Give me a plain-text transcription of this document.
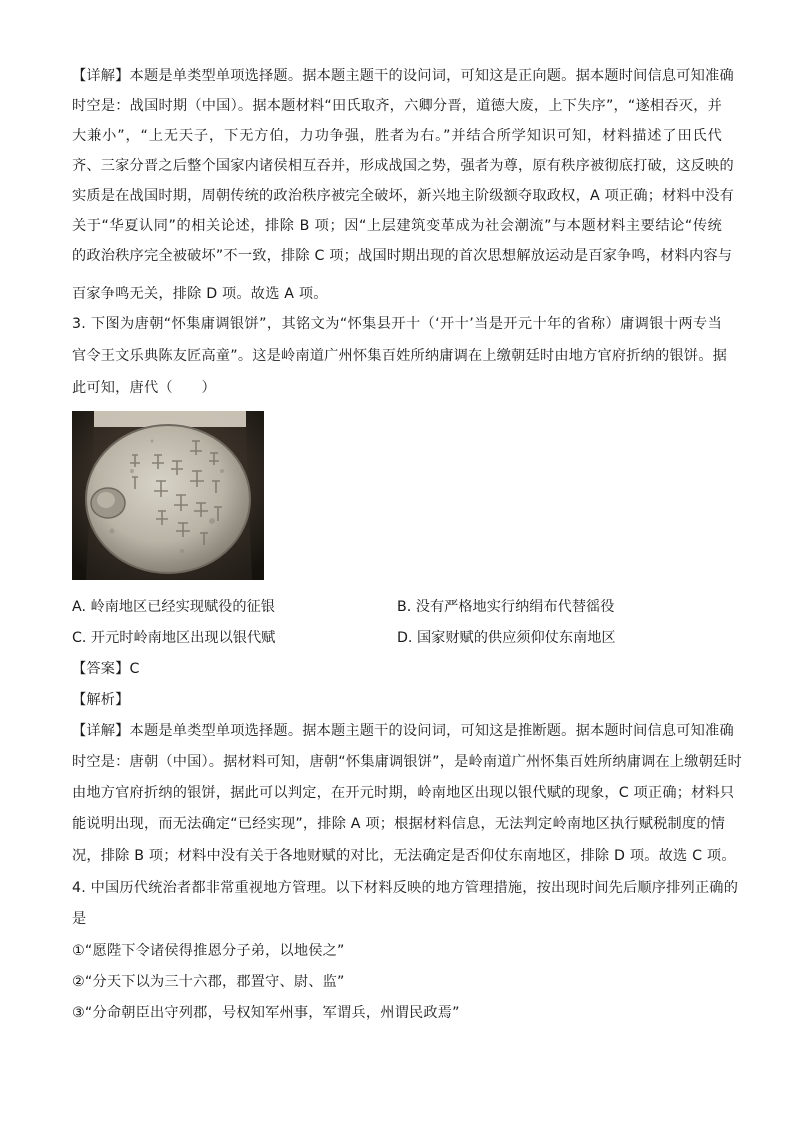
【详解】本题是单类型单项选择题。据本题主题干的设问词，可知这是正向题。据本题时间信息可知准确
时空是：战国时期（中国）。据本题材料“田氏取齐，六卿分晋，道德大废，上下失序”，“遂相吞灭，并
大兼小”，“上无天子，下无方伯，力功争强，胜者为右。”并结合所学知识可知，材料描述了田氏代
齐、三家分晋之后整个国家内诸侯相互吞并，形成战国之势，强者为尊，原有秩序被彻底打破，这反映的
实质是在战国时期，周朝传统的政治秩序被完全破坏，新兴地主阶级额夺取政权，A 项正确；材料中没有
关于“华夏认同”的相关论述，排除 B 项；因“上层建筑变革成为社会潮流”与本题材料主要结论“传统
的政治秩序完全被破坏”不一致，排除 C 项；战国时期出现的首次思想解放运动是百家争鸣，材料内容与
百家争鸣无关，排除 D 项。故选 A 项。
3. 下图为唐朝“怀集庸调银饼”，其铭文为“怀集县开十（‘开十’当是开元十年的省称）庸调银十两专当
官令王文乐典陈友匠高童”。这是岭南道广州怀集百姓所纳庸调在上缴朝廷时由地方官府折纳的银饼。据
此可知，唐代（　　）
A. 岭南地区已经实现赋役的征银	B. 没有严格地实行纳绢布代替徭役
C. 开元时岭南地区出现以银代赋	D. 国家财赋的供应须仰仗东南地区
【答案】C
【解析】
【详解】本题是单类型单项选择题。据本题主题干的设问词，可知这是推断题。据本题时间信息可知准确
时空是：唐朝（中国）。据材料可知，唐朝“怀集庸调银饼”，是岭南道广州怀集百姓所纳庸调在上缴朝廷时
由地方官府折纳的银饼，据此可以判定，在开元时期，岭南地区出现以银代赋的现象，C 项正确；材料只
能说明出现，而无法确定“已经实现”，排除 A 项；根据材料信息，无法判定岭南地区执行赋税制度的情
况，排除 B 项；材料中没有关于各地财赋的对比，无法确定是否仰仗东南地区，排除 D 项。故选 C 项。
4. 中国历代统治者都非常重视地方管理。以下材料反映的地方管理措施，按出现时间先后顺序排列正确的
是
①“愿陛下令诸侯得推恩分子弟，以地侯之”
②“分天下以为三十六郡，郡置守、尉、监”
③“分命朝臣出守列郡，号权知军州事，军谓兵，州谓民政焉”
